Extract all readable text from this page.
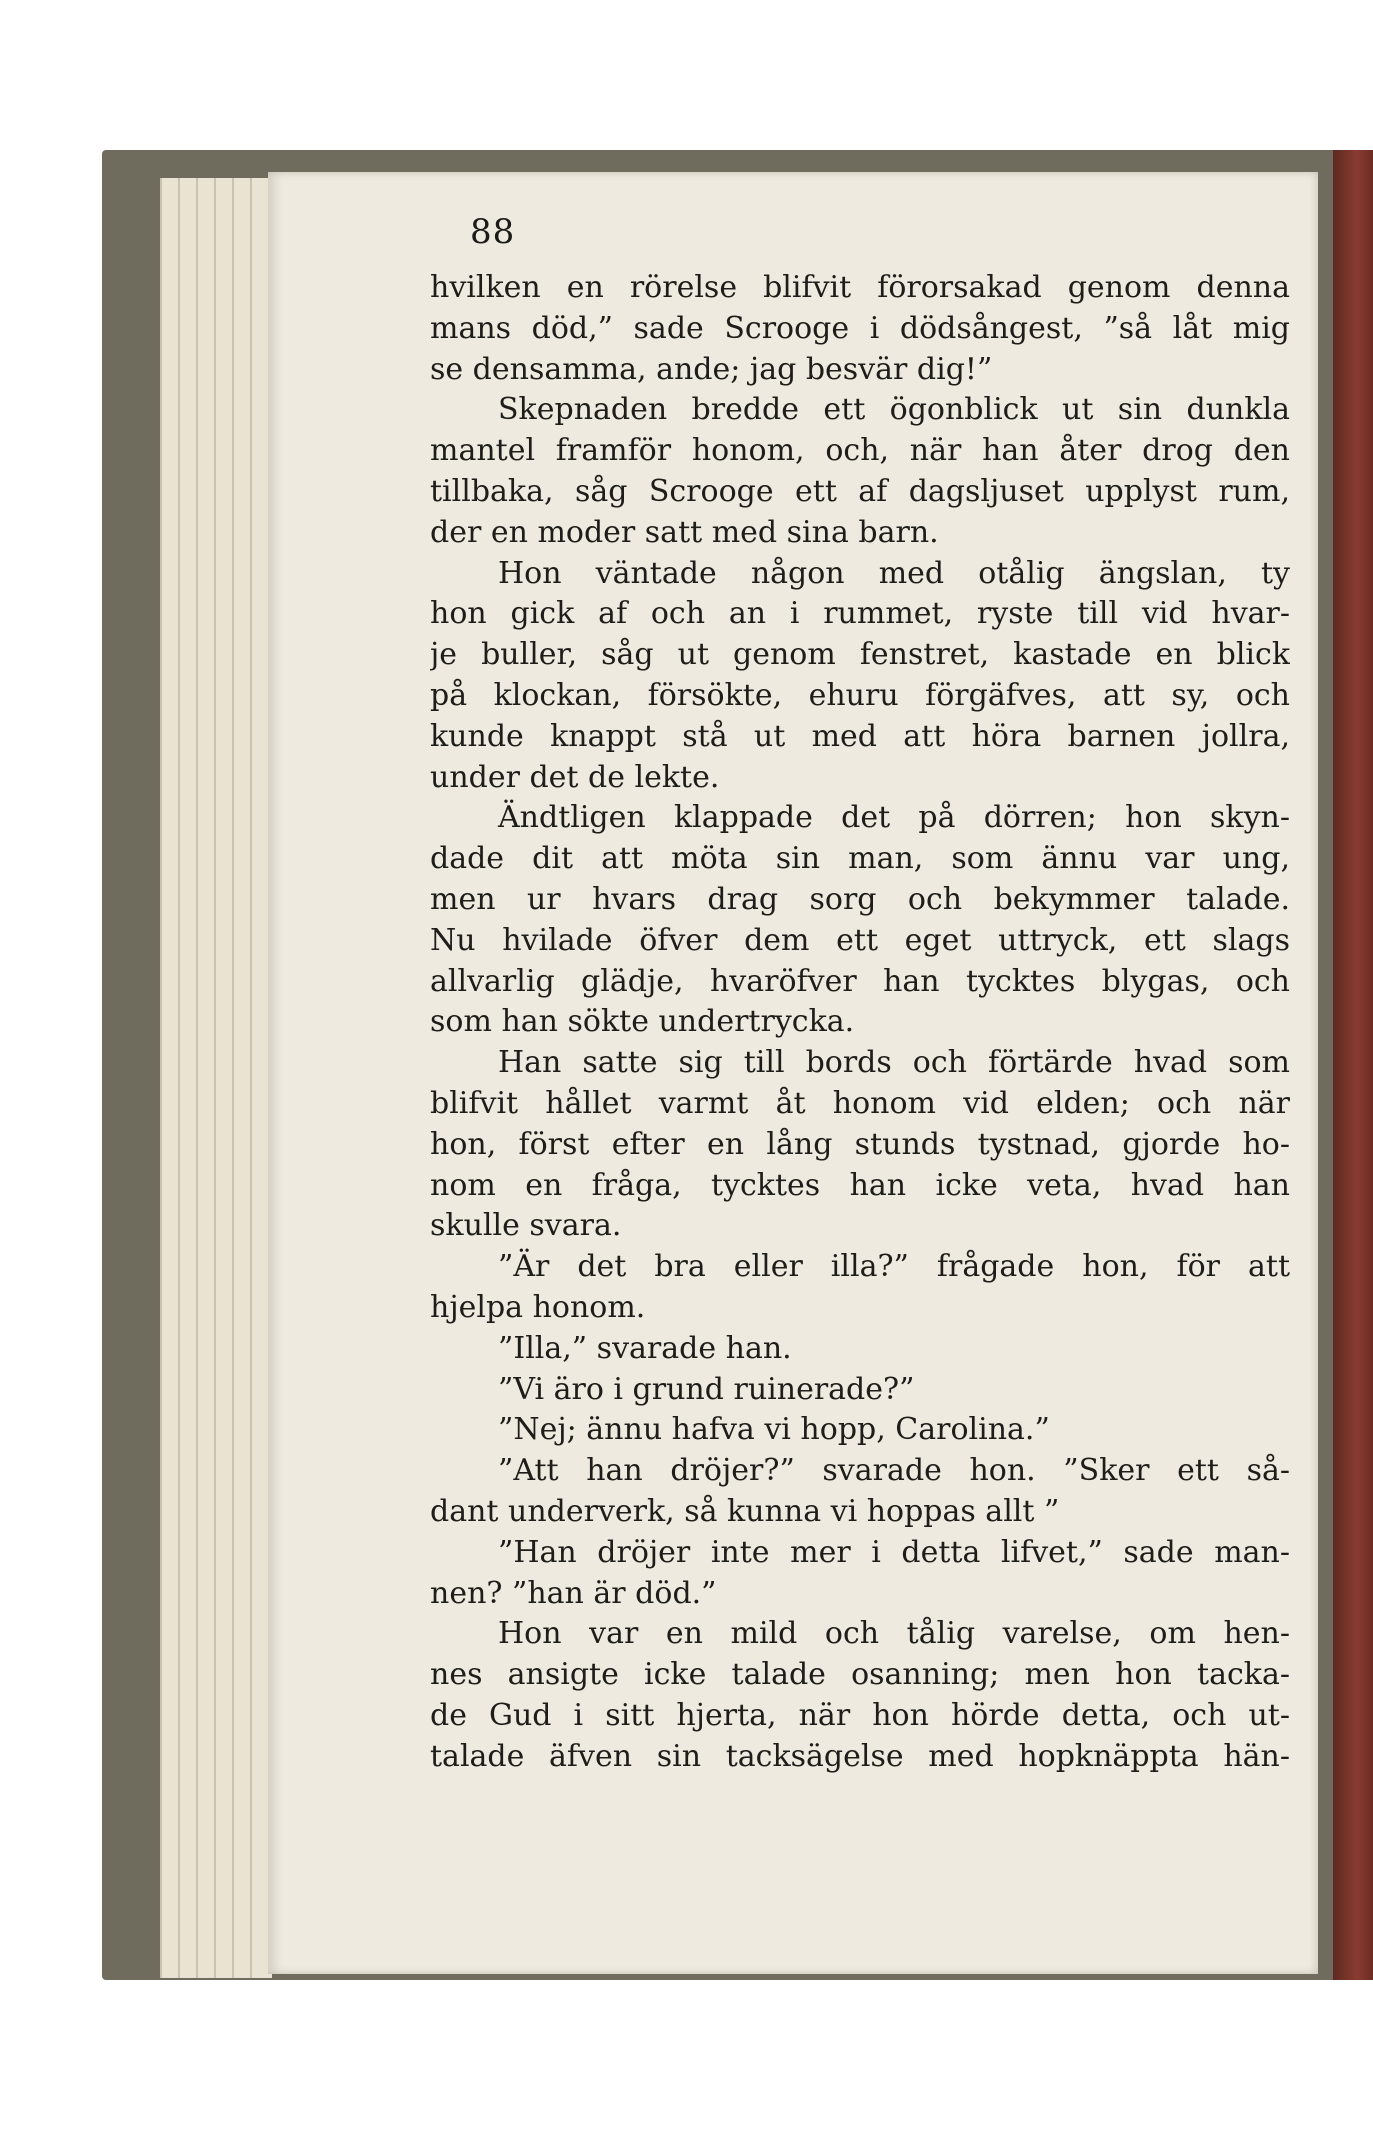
88
hvilken en rörelse blifvit förorsakad genom denna
mans död,” sade Scrooge i dödsångest, ”så låt mig
se densamma, ande; jag besvär dig!”
Skepnaden bredde ett ögonblick ut sin dunkla
mantel framför honom, och, när han åter drog den
tillbaka, såg Scrooge ett af dagsljuset upplyst rum,
der en moder satt med sina barn.
Hon väntade någon med otålig ängslan, ty
hon gick af och an i rummet, ryste till vid hvar-
je buller, såg ut genom fenstret, kastade en blick
på klockan, försökte, ehuru förgäfves, att sy, och
kunde knappt stå ut med att höra barnen jollra,
under det de lekte.
Ändtligen klappade det på dörren; hon skyn-
dade dit att möta sin man, som ännu var ung,
men ur hvars drag sorg och bekymmer talade.
Nu hvilade öfver dem ett eget uttryck, ett slags
allvarlig glädje, hvaröfver han tycktes blygas, och
som han sökte undertrycka.
Han satte sig till bords och förtärde hvad som
blifvit hållet varmt åt honom vid elden; och när
hon, först efter en lång stunds tystnad, gjorde ho-
nom en fråga, tycktes han icke veta, hvad han
skulle svara.
”Är det bra eller illa?” frågade hon, för att
hjelpa honom.
”Illa,” svarade han.
”Vi äro i grund ruinerade?”
”Nej; ännu hafva vi hopp, Carolina.”
”Att han dröjer?” svarade hon. ”Sker ett så-
dant underverk, så kunna vi hoppas allt ”
”Han dröjer inte mer i detta lifvet,” sade man-
nen? ”han är död.”
Hon var en mild och tålig varelse, om hen-
nes ansigte icke talade osanning; men hon tacka-
de Gud i sitt hjerta, när hon hörde detta, och ut-
talade äfven sin tacksägelse med hopknäppta hän-
